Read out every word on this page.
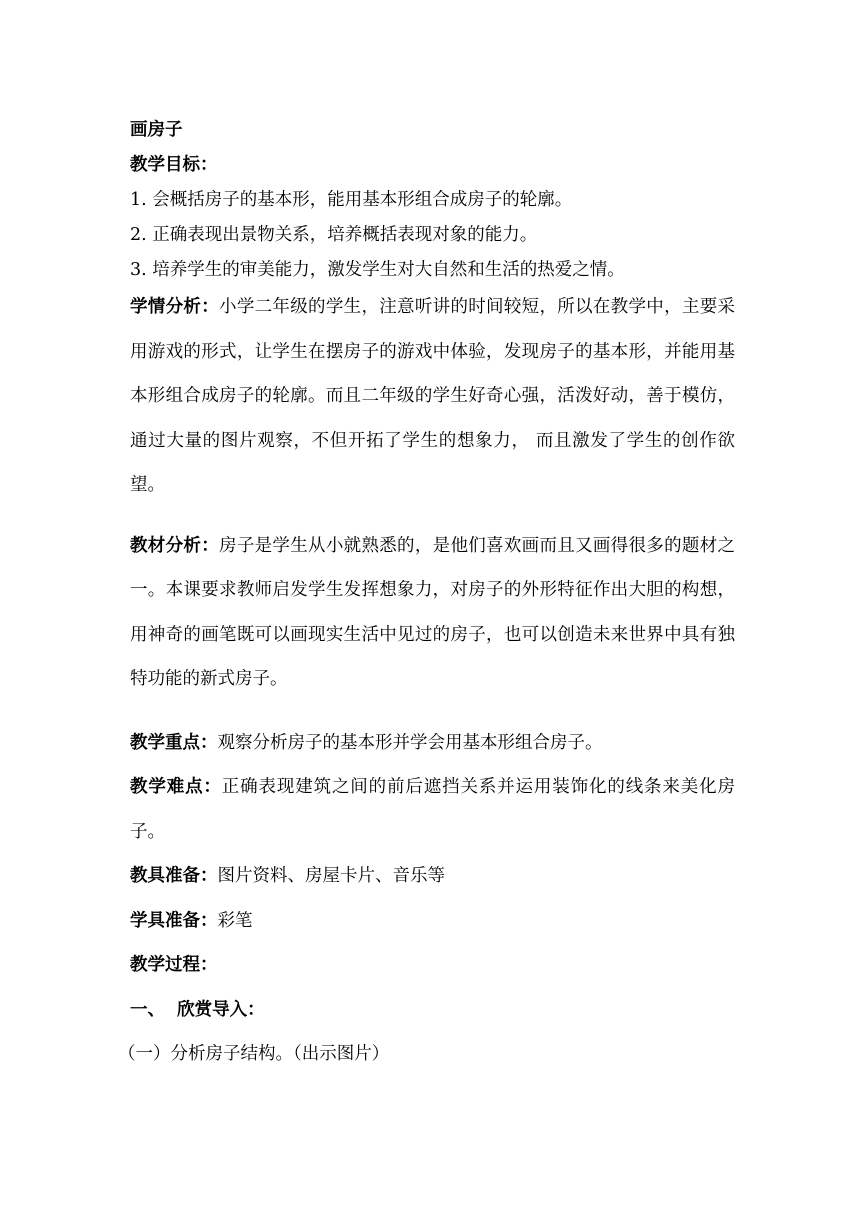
画房子
教学目标：
1. 会概括房子的基本形，能用基本形组合成房子的轮廓。
2. 正确表现出景物关系，培养概括表现对象的能力。
3. 培养学生的审美能力，激发学生对大自然和生活的热爱之情。

学情分析：小学二年级的学生，注意听讲的时间较短，所以在教学中，主要采用游戏的形式，让学生在摆房子的游戏中体验，发现房子的基本形，并能用基本形组合成房子的轮廓。而且二年级的学生好奇心强，活泼好动，善于模仿，通过大量的图片观察，不但开拓了学生的想象力， 而且激发了学生的创作欲望。

教材分析：房子是学生从小就熟悉的，是他们喜欢画而且又画得很多的题材之一。本课要求教师启发学生发挥想象力，对房子的外形特征作出大胆的构想，用神奇的画笔既可以画现实生活中见过的房子，也可以创造未来世界中具有独特功能的新式房子。

教学重点：观察分析房子的基本形并学会用基本形组合房子。

教学难点：正确表现建筑之间的前后遮挡关系并运用装饰化的线条来美化房子。

教具准备：图片资料、房屋卡片、音乐等

学具准备：彩笔

教学过程：

一、  欣赏导入：

（一）分析房子结构。（出示图片）
